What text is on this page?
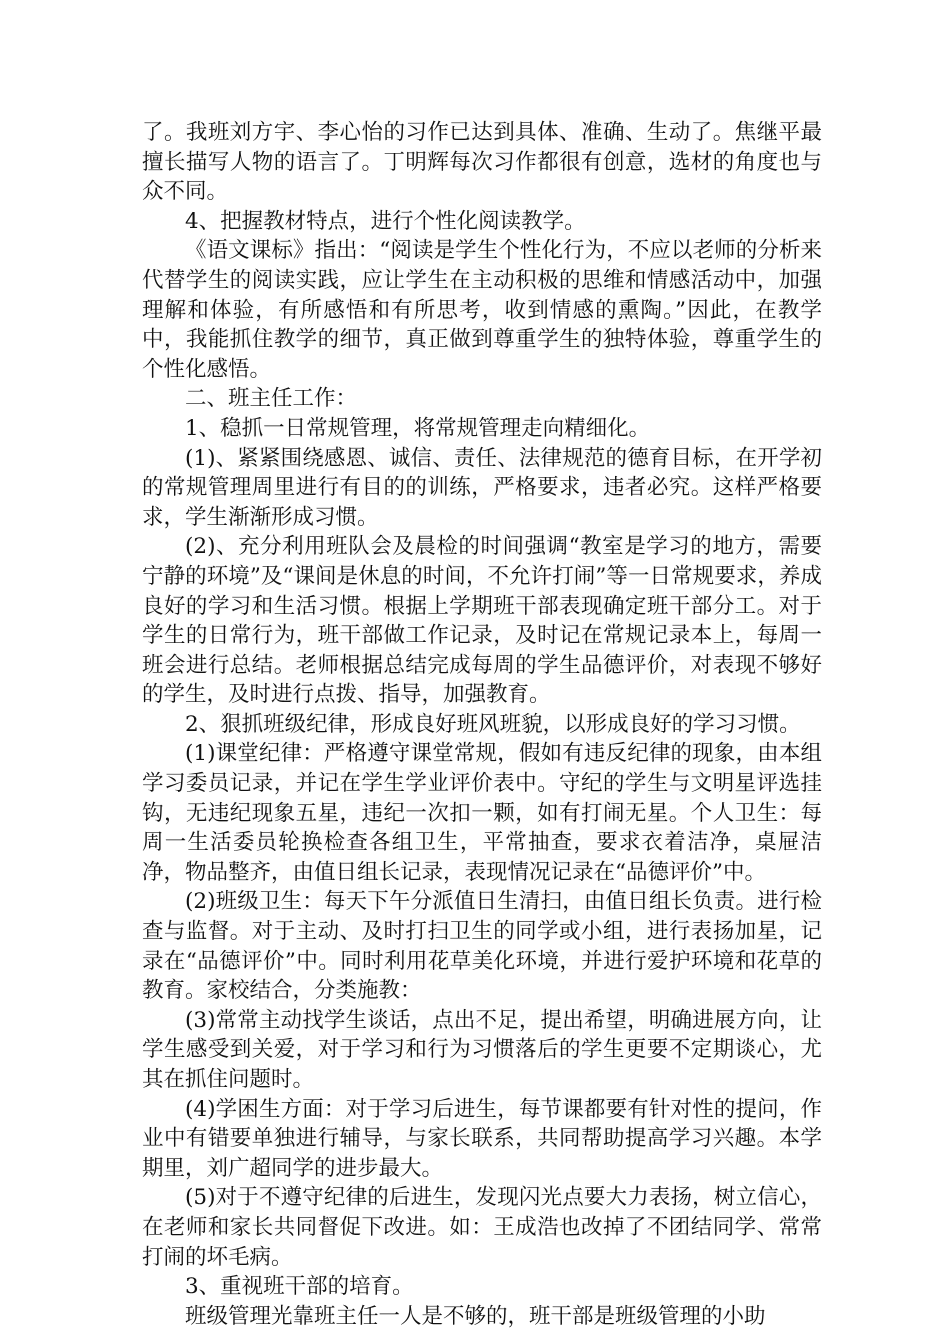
了。我班刘方宇、李心怡的习作已达到具体、准确、生动了。焦继平最擅长描写人物的语言了。丁明辉每次习作都很有创意，选材的角度也与众不同。

4、把握教材特点，进行个性化阅读教学。

《语文课标》指出：“阅读是学生个性化行为，不应以老师的分析来代替学生的阅读实践，应让学生在主动积极的思维和情感活动中，加强理解和体验，有所感悟和有所思考，收到情感的熏陶。”因此，在教学中，我能抓住教学的细节，真正做到尊重学生的独特体验，尊重学生的个性化感悟。

二、班主任工作：

1、稳抓一日常规管理，将常规管理走向精细化。

(1)、紧紧围绕感恩、诚信、责任、法律规范的德育目标，在开学初的常规管理周里进行有目的的训练，严格要求，违者必究。这样严格要求，学生渐渐形成习惯。

(2)、充分利用班队会及晨检的时间强调“教室是学习的地方，需要宁静的环境”及“课间是休息的时间，不允许打闹”等一日常规要求，养成良好的学习和生活习惯。根据上学期班干部表现确定班干部分工。对于学生的日常行为，班干部做工作记录，及时记在常规记录本上，每周一班会进行总结。老师根据总结完成每周的学生品德评价，对表现不够好的学生，及时进行点拨、指导，加强教育。

2、狠抓班级纪律，形成良好班风班貌，以形成良好的学习习惯。

(1)课堂纪律：严格遵守课堂常规，假如有违反纪律的现象，由本组学习委员记录，并记在学生学业评价表中。守纪的学生与文明星评选挂钩，无违纪现象五星，违纪一次扣一颗，如有打闹无星。个人卫生：每周一生活委员轮换检查各组卫生，平常抽查，要求衣着洁净，桌屉洁净，物品整齐，由值日组长记录，表现情况记录在“品德评价”中。

(2)班级卫生：每天下午分派值日生清扫，由值日组长负责。进行检查与监督。对于主动、及时打扫卫生的同学或小组，进行表扬加星，记录在“品德评价”中。同时利用花草美化环境，并进行爱护环境和花草的教育。家校结合，分类施教：

(3)常常主动找学生谈话，点出不足，提出希望，明确进展方向，让学生感受到关爱，对于学习和行为习惯落后的学生更要不定期谈心，尤其在抓住问题时。

(4)学困生方面：对于学习后进生，每节课都要有针对性的提问，作业中有错要单独进行辅导，与家长联系，共同帮助提高学习兴趣。本学期里，刘广超同学的进步最大。

(5)对于不遵守纪律的后进生，发现闪光点要大力表扬，树立信心，在老师和家长共同督促下改进。如：王成浩也改掉了不团结同学、常常打闹的坏毛病。

3、重视班干部的培育。

班级管理光靠班主任一人是不够的，班干部是班级管理的小助
